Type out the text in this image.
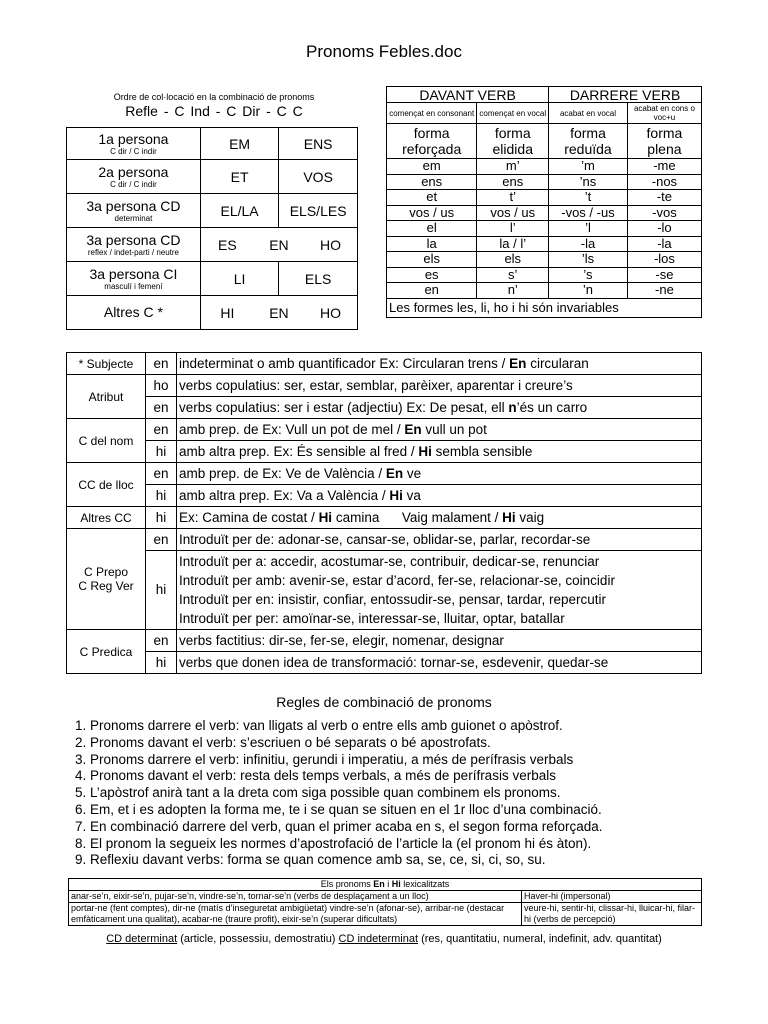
Pronoms Febles.doc
Ordre de col·locació en la combinació de pronoms
Refle - C Ind - C Dir - C C
1a persona
C dir / C indir	EM	ENS
2a persona
C dir / C indir	ET	VOS
3a persona CD
determinat	EL/LA	ELS/LES
3a persona CD
reflex / indet-parti / neutre	ES EN HO	
3a persona CI
masculí i femení	LI	ELS
Altres C *	HI EN HO	
DAVANT VERB		DARRERE VERB	
començat en consonant	començat en vocal	acabat en vocal	acabat en cons o voc+u
forma reforçada	forma elidida	forma reduïda	forma plena
em	m’	’m	-me
ens	ens	’ns	-nos
et	t’	’t	-te
vos / us	vos / us	-vos / -us	-vos
el	l’	’l	-lo
la	la / l’	-la	-la
els	els	’ls	-los
es	s’	’s	-se
en	n’	’n	-ne
Les formes les, li, ho i hi són invariables			
* Subjecte	en	indeterminat o amb quantificador Ex: Circularan trens / En circularan
Atribut	ho	verbs copulatius: ser, estar, semblar, parèixer, aparentar i creure’s
	en	verbs copulatius: ser i estar (adjectiu) Ex: De pesat, ell n’és un carro
C del nom	en	amb prep. de Ex: Vull un pot de mel / En vull un pot
	hi	amb altra prep. Ex: És sensible al fred / Hi sembla sensible
CC de lloc	en	amb prep. de Ex: Ve de València / En ve
	hi	amb altra prep. Ex: Va a València / Hi va
Altres CC	hi	Ex: Camina de costat / Hi camina      Vaig malament / Hi vaig
C Prepo
C Reg Ver	en	Introduït per de: adonar-se, cansar-se, oblidar-se, parlar, recordar-se
	hi	Introduït per a: accedir, acostumar-se, contribuir, dedicar-se, renunciar
Introduït per amb: avenir-se, estar d’acord, fer-se, relacionar-se, coincidir
Introduït per en: insistir, confiar, entossudir-se, pensar, tardar, repercutir
Introduït per per: amoïnar-se, interessar-se, lluitar, optar, batallar

C Predica	en	verbs factitius: dir-se, fer-se, elegir, nomenar, designar
	hi	verbs que donen idea de transformació: tornar-se, esdevenir, quedar-se
Regles de combinació de pronoms
1. Pronoms darrere el verb: van lligats al verb o entre ells amb guionet o apòstrof.
2. Pronoms davant el verb: s’escriuen o bé separats o bé apostrofats.
3. Pronoms darrere el verb: infinitiu, gerundi i imperatiu, a més de perífrasis verbals
4. Pronoms davant el verb: resta dels temps verbals, a més de perífrasis verbals
5. L’apòstrof anirà tant a la dreta com siga possible quan combinem els pronoms.
6. Em, et i es adopten la forma me, te i se quan se situen en el 1r lloc d’una combinació.
7. En combinació darrere del verb, quan el primer acaba en s, el segon forma reforçada.
8. El pronom la segueix les normes d’apostrofació de l’article la (el pronom hi és àton).
9. Reflexiu davant verbs: forma se quan comence amb sa, se, ce, si, ci, so, su.
Els pronoms En i Hi lexicalitzats	
anar-se’n, eixir-se’n, pujar-se’n, vindre-se’n, tornar-se’n (verbs de desplaçament a un lloc)	Haver-hi (impersonal)
portar-ne (fent comptes), dir-ne (matís d’inseguretat ambigüetat) vindre-se’n (afonar-se), arribar-ne (destacar emfàticament una qualitat), acabar-ne (traure profit), eixir-se’n (superar dificultats)	veure-hi, sentir-hi, clissar-hi, lluicar-hi, filar-hi (verbs de percepció)
CD determinat (article, possessiu, demostratiu) CD indeterminat (res, quantitatiu, numeral, indefinit, adv. quantitat)
